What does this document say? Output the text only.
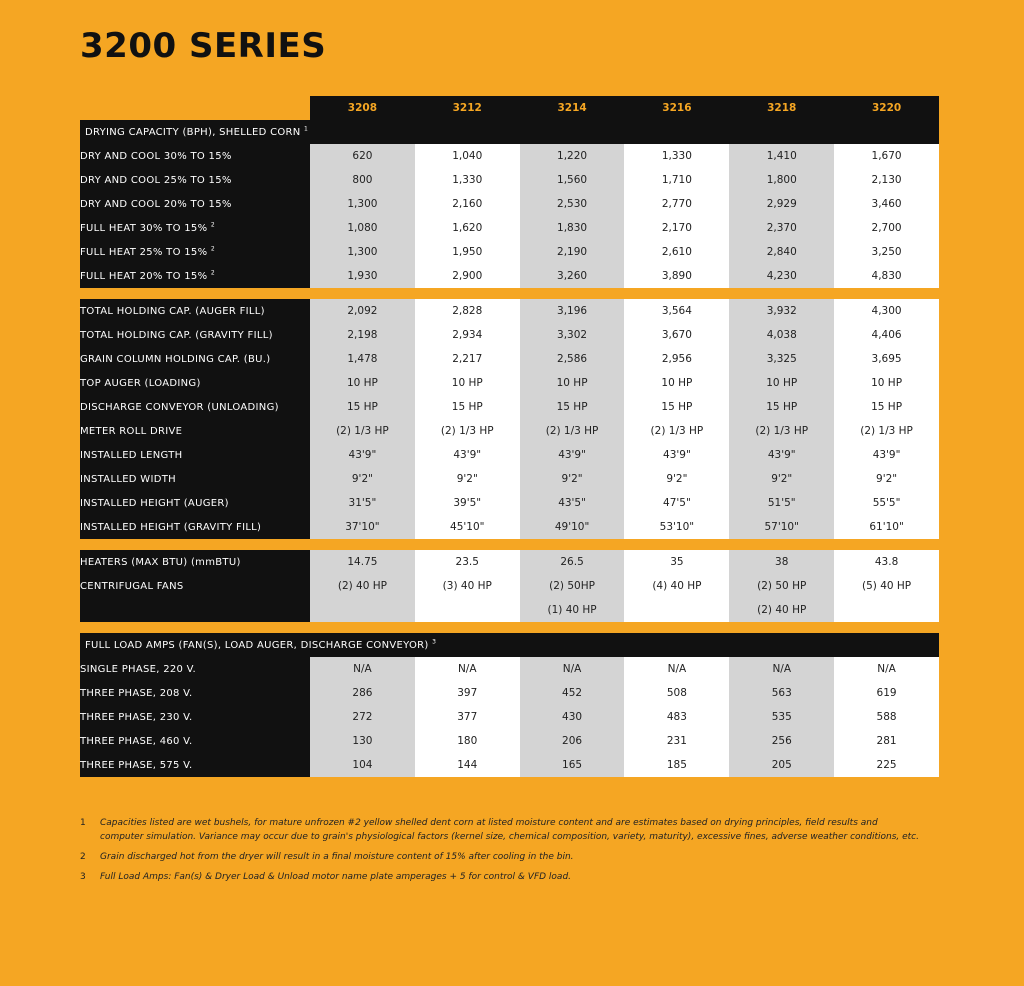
3200 SERIES
	3208	3212	3214	3216	3218	3220
DRYING CAPACITY (BPH), SHELLED CORN $^1$
DRY AND COOL 30% TO 15%	620	1,040	1,220	1,330	1,410	1,670
DRY AND COOL 25% TO 15%	800	1,330	1,560	1,710	1,800	2,130
DRY AND COOL 20% TO 15%	1,300	2,160	2,530	2,770	2,929	3,460
FULL HEAT 30% TO 15% $^2$	1,080	1,620	1,830	2,170	2,370	2,700
FULL HEAT 25% TO 15% $^2$	1,300	1,950	2,190	2,610	2,840	3,250
FULL HEAT 20% TO 15% $^2$	1,930	2,900	3,260	3,890	4,230	4,830

TOTAL HOLDING CAP. (AUGER FILL)	2,092	2,828	3,196	3,564	3,932	4,300
TOTAL HOLDING CAP. (GRAVITY FILL)	2,198	2,934	3,302	3,670	4,038	4,406
GRAIN COLUMN HOLDING CAP. (BU.)	1,478	2,217	2,586	2,956	3,325	3,695
TOP AUGER (LOADING)	10 HP	10 HP	10 HP	10 HP	10 HP	10 HP
DISCHARGE CONVEYOR (UNLOADING)	15 HP	15 HP	15 HP	15 HP	15 HP	15 HP
METER ROLL DRIVE	(2) 1/3 HP	(2) 1/3 HP	(2) 1/3 HP	(2) 1/3 HP	(2) 1/3 HP	(2) 1/3 HP
INSTALLED LENGTH	43'9"	43'9"	43'9"	43'9"	43'9"	43'9"
INSTALLED WIDTH	9'2"	9'2"	9'2"	9'2"	9'2"	9'2"
INSTALLED HEIGHT (AUGER)	31'5"	39'5"	43'5"	47'5"	51'5"	55'5"
INSTALLED HEIGHT (GRAVITY FILL)	37'10"	45'10"	49'10"	53'10"	57'10"	61'10"

HEATERS (MAX BTU) (mmBTU)	14.75	23.5	26.5	35	38	43.8
CENTRIFUGAL FANS	(2) 40 HP	(3) 40 HP	(2) 50HP	(4) 40 HP	(2) 50 HP	(5) 40 HP
			(1) 40 HP		(2) 40 HP	

FULL LOAD AMPS (FAN(S), LOAD AUGER, DISCHARGE CONVEYOR) $^3$
SINGLE PHASE, 220 V.	N/A	N/A	N/A	N/A	N/A	N/A
THREE PHASE, 208 V.	286	397	452	508	563	619
THREE PHASE, 230 V.	272	377	430	483	535	588
THREE PHASE, 460 V.	130	180	206	231	256	281
THREE PHASE, 575 V.	104	144	165	185	205	225
1	Capacities listed are wet bushels, for mature unfrozen #2 yellow shelled dent corn at listed moisture content and are estimates based on drying principles, field results and computer simulation. Variance may occur due to grain's physiological factors (kernel size, chemical composition, variety, maturity), excessive fines, adverse weather conditions, etc.
2	Grain discharged hot from the dryer will result in a final moisture content of 15% after cooling in the bin.
3	Full Load Amps: Fan(s) & Dryer Load & Unload motor name plate amperages + 5 for control & VFD load.
